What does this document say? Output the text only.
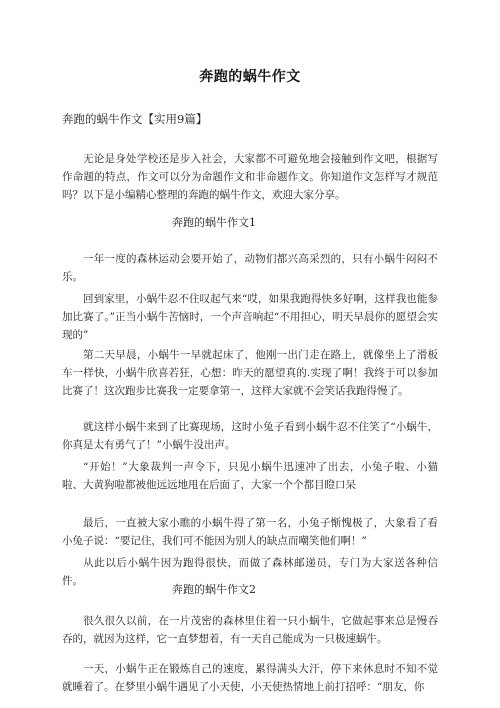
奔跑的蜗牛作文
奔跑的蜗牛作文【实用9篇】

无论是身处学校还是步入社会，大家都不可避免地会接触到作文吧，根据写作命题的特点，作文可以分为命题作文和非命题作文。你知道作文怎样写才规范吗？以下是小编精心整理的奔跑的蜗牛作文，欢迎大家分享。

奔跑的蜗牛作文1

一年一度的森林运动会要开始了，动物们都兴高采烈的，只有小蜗牛闷闷不乐。

回到家里，小蜗牛忍不住叹起气来“哎，如果我跑得快多好啊，这样我也能参加比赛了。”正当小蜗牛苦恼时，一个声音响起“不用担心，明天早晨你的愿望会实现的”

第二天早晨，小蜗牛一早就起床了，他刚一出门走在路上，就像坐上了滑板车一样快，小蜗牛欣喜若狂，心想：昨天的愿望真的.实现了啊！我终于可以参加比赛了！这次跑步比赛我一定要拿第一，这样大家就不会笑话我跑得慢了。

就这样小蜗牛来到了比赛现场，这时小兔子看到小蜗牛忍不住笑了“小蜗牛，你真是太有勇气了！”小蜗牛没出声。

“开始！”大象裁判一声令下，只见小蜗牛迅速冲了出去，小兔子啦、小猫啦、大黄狗啦都被他远远地甩在后面了，大家一个个都目瞪口呆

最后，一直被大家小瞧的小蜗牛得了第一名，小兔子惭愧极了，大象看了看小兔子说：“要记住，我们可不能因为别人的缺点而嘲笑他们啊！”

从此以后小蜗牛因为跑得很快，而做了森林邮递员，专门为大家送各种信件。

奔跑的蜗牛作文2

很久很久以前，在一片茂密的森林里住着一只小蜗牛，它做起事来总是慢吞吞的，就因为这样，它一直梦想着，有一天自己能成为一只极速蜗牛。

一天，小蜗牛正在锻炼自己的速度，累得满头大汗，停下来休息时不知不觉就睡着了。在梦里小蜗牛遇见了小天使，小天使热情地上前打招呼：“朋友，你
